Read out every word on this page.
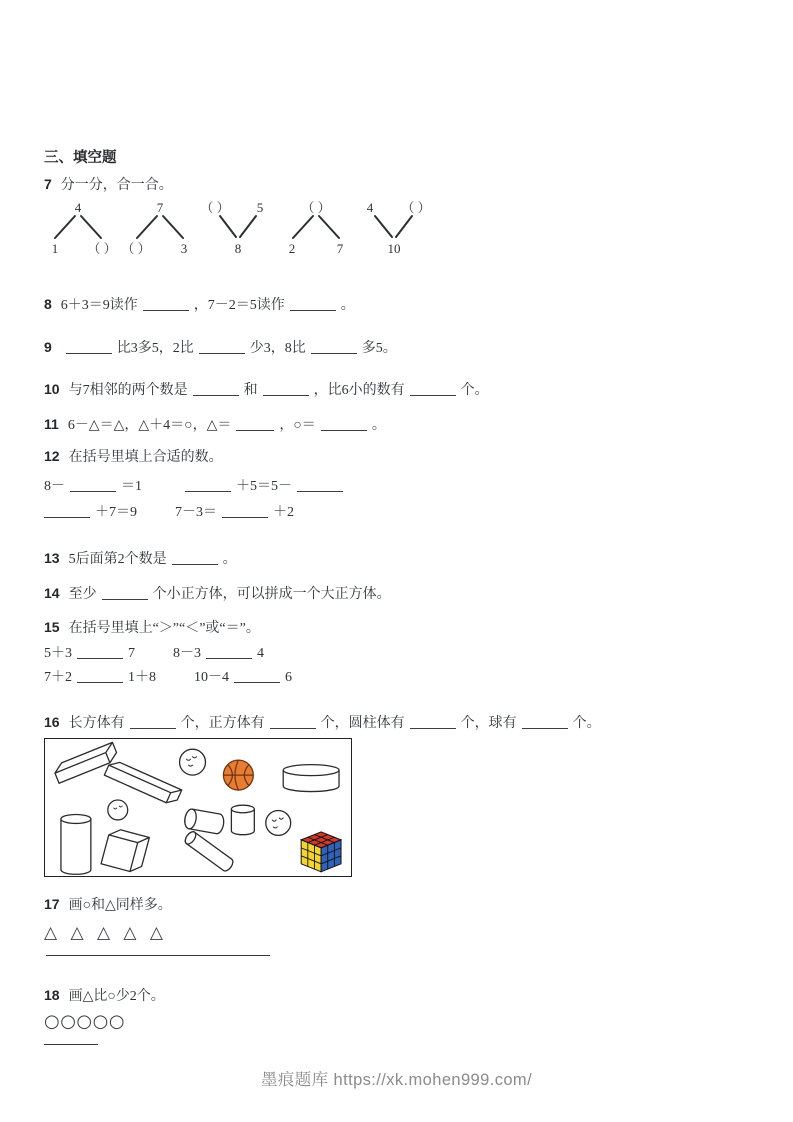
三、填空题
7 分一分，合一合。
4
1 （ ）
7
（ ） 3
（ ） 5
8
（ ）
2	7
4 （ ）
10
8 6＋3＝9读作	，7－2＝5读作	。
9	比3多5，2比	少3，8比	多5。
10 与7相邻的两个数是	和	，比6小的数有	个。
11 6－△＝△，△＋4＝○，△＝	，○＝	。
12 在括号里填上合适的数。
8－	＝1	＋5＝5－
＋7＝9	7－3＝	＋2
13 5后面第2个数是	。
14 至少	个小正方体，可以拼成一个大正方体。
15 在括号里填上“＞”“＜”或“＝”。
5＋3	7	8－3	4
7＋2	1＋8	10－4	6
16 长方体有	个，正方体有	个，圆柱体有	个，球有	个。
17 画○和△同样多。
△ △ △ △ △
18 画△比○少2个。
○○○○○
墨痕题库 https://xk.mohen999.com/
